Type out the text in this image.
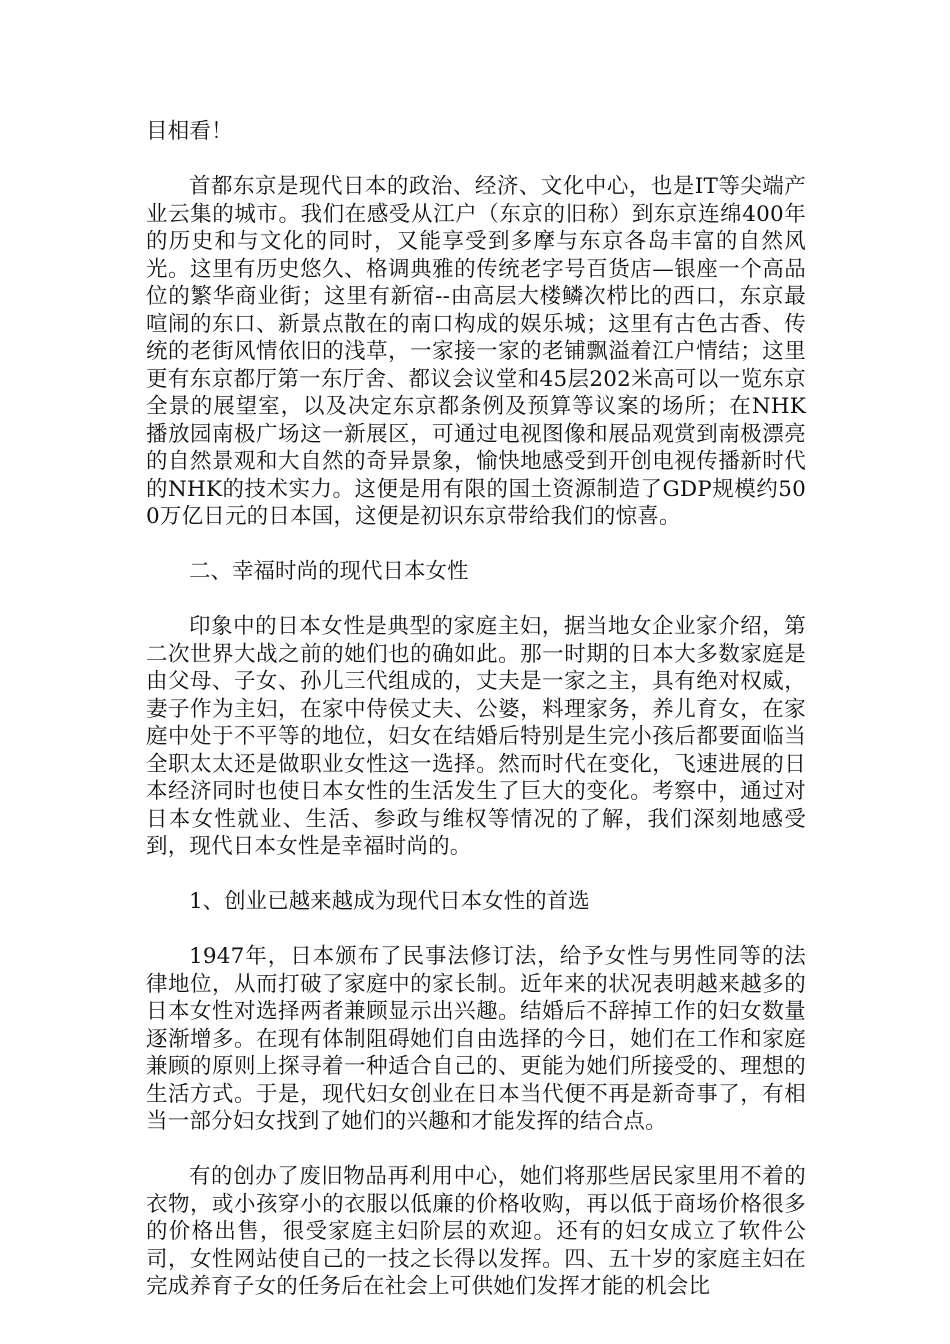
目相看！

首都东京是现代日本的政治、经济、文化中心，也是IT等尖端产业云集的城市。我们在感受从江户（东京的旧称）到东京连绵400年的历史和与文化的同时，又能享受到多摩与东京各岛丰富的自然风光。这里有历史悠久、格调典雅的传统老字号百货店—银座一个高品位的繁华商业街；这里有新宿--由高层大楼鳞次栉比的西口，东京最喧闹的东口、新景点散在的南口构成的娱乐城；这里有古色古香、传统的老街风情依旧的浅草，一家接一家的老铺飘溢着江户情结；这里更有东京都厅第一东厅舍、都议会议堂和45层202米高可以一览东京全景的展望室，以及决定东京都条例及预算等议案的场所；在NHK播放园南极广场这一新展区，可通过电视图像和展品观赏到南极漂亮的自然景观和大自然的奇异景象，愉快地感受到开创电视传播新时代的NHK的技术实力。这便是用有限的国土资源制造了GDP规模约500万亿日元的日本国，这便是初识东京带给我们的惊喜。

二、幸福时尚的现代日本女性

印象中的日本女性是典型的家庭主妇，据当地女企业家介绍，第二次世界大战之前的她们也的确如此。那一时期的日本大多数家庭是由父母、子女、孙儿三代组成的，丈夫是一家之主，具有绝对权威，妻子作为主妇，在家中侍侯丈夫、公婆，料理家务，养儿育女，在家庭中处于不平等的地位，妇女在结婚后特别是生完小孩后都要面临当全职太太还是做职业女性这一选择。然而时代在变化，飞速进展的日本经济同时也使日本女性的生活发生了巨大的变化。考察中，通过对日本女性就业、生活、参政与维权等情况的了解，我们深刻地感受到，现代日本女性是幸福时尚的。

1、创业已越来越成为现代日本女性的首选

1947年，日本颁布了民事法修订法，给予女性与男性同等的法律地位，从而打破了家庭中的家长制。近年来的状况表明越来越多的日本女性对选择两者兼顾显示出兴趣。结婚后不辞掉工作的妇女数量逐渐增多。在现有体制阻碍她们自由选择的今日，她们在工作和家庭兼顾的原则上探寻着一种适合自己的、更能为她们所接受的、理想的生活方式。于是，现代妇女创业在日本当代便不再是新奇事了，有相当一部分妇女找到了她们的兴趣和才能发挥的结合点。

有的创办了废旧物品再利用中心，她们将那些居民家里用不着的衣物，或小孩穿小的衣服以低廉的价格收购，再以低于商场价格很多的价格出售，很受家庭主妇阶层的欢迎。还有的妇女成立了软件公司，女性网站使自己的一技之长得以发挥。四、五十岁的家庭主妇在完成养育子女的任务后在社会上可供她们发挥才能的机会比
